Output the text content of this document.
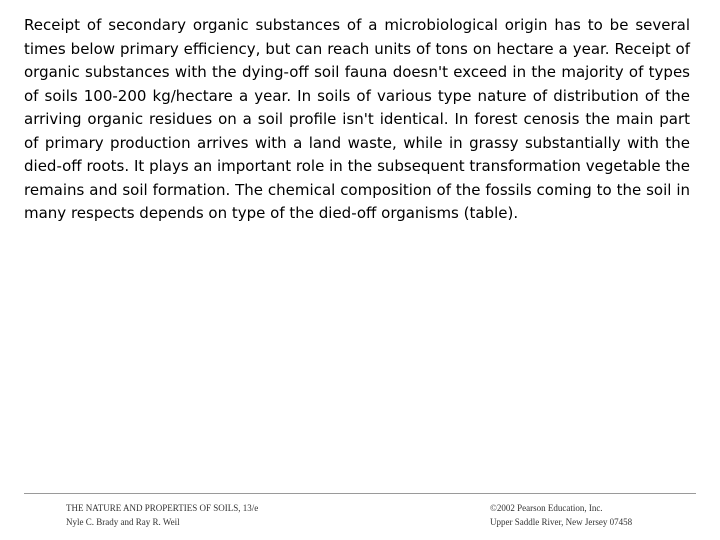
Receipt of secondary organic substances of a microbiological origin has to be several times below primary efficiency, but can reach units of tons on hectare a year. Receipt of organic substances with the dying-off soil fauna doesn't exceed in the majority of types of soils 100-200 kg/hectare a year. In soils of various type nature of distribution of the arriving organic residues on a soil profile isn't identical. In forest cenosis the main part of primary production arrives with a land waste, while in grassy substantially with the died-off roots. It plays an important role in the subsequent transformation vegetable the remains and soil formation. The chemical composition of the fossils coming to the soil in many respects depends on type of the died-off organisms (table).

THE NATURE AND PROPERTIES OF SOILS, 13/e
Nyle C. Brady and Ray R. Weil
©2002 Pearson Education, Inc.
Upper Saddle River, New Jersey 07458
